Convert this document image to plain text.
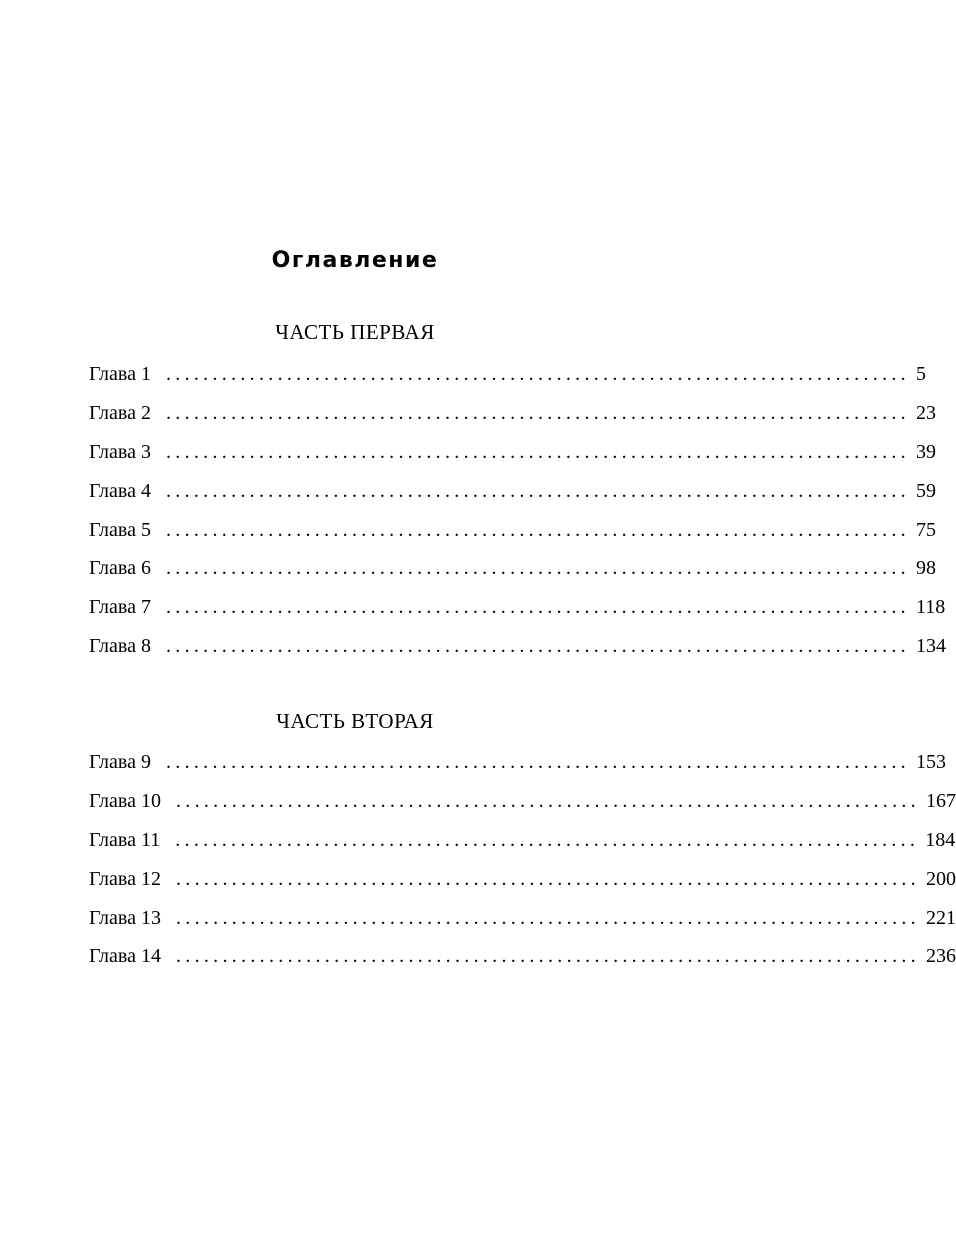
Оглавление
ЧАСТЬ ПЕРВАЯ
Глава 1 ................................................................................ 5
Глава 2 ................................................................................ 23
Глава 3 ................................................................................ 39
Глава 4 ................................................................................ 59
Глава 5 ................................................................................ 75
Глава 6 ................................................................................ 98
Глава 7 ................................................................................ 118
Глава 8 ................................................................................ 134
ЧАСТЬ ВТОРАЯ
Глава 9 ................................................................................ 153
Глава 10 ................................................................................ 167
Глава 11 ................................................................................ 184
Глава 12 ................................................................................ 200
Глава 13 ................................................................................ 221
Глава 14 ................................................................................ 236
